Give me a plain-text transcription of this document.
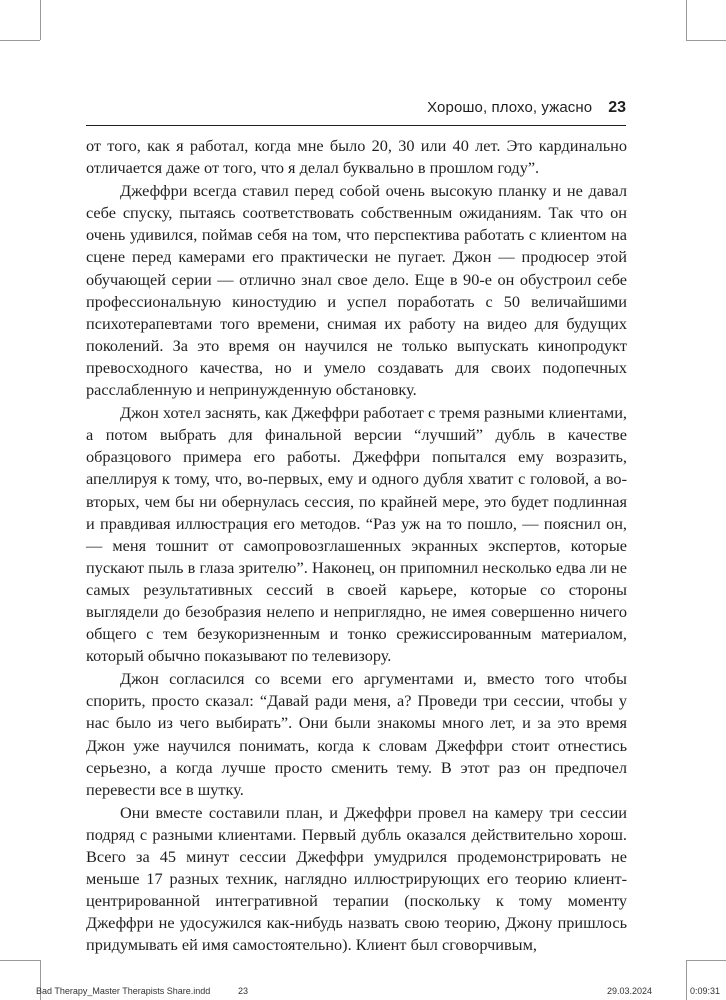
Хорошо, плохо, ужасно 23

от того, как я работал, когда мне было 20, 30 или 40 лет. Это кардинально отличается даже от того, что я делал буквально в прошлом году”.

Джеффри всегда ставил перед собой очень высокую планку и не давал себе спуску, пытаясь соответствовать собственным ожиданиям. Так что он очень удивился, поймав себя на том, что перспектива работать с клиентом на сцене перед камерами его практически не пугает. Джон — продюсер этой обучающей серии — отлично знал свое дело. Еще в 90-е он обустроил себе профессиональную киностудию и успел поработать с 50 величайшими психотерапевтами того времени, снимая их работу на видео для будущих поколений. За это время он научился не только выпускать кинопродукт превосходного качества, но и умело создавать для своих подопечных расслабленную и непринужденную обстановку.

Джон хотел заснять, как Джеффри работает с тремя разными клиентами, а потом выбрать для финальной версии “лучший” дубль в качестве образцового примера его работы. Джеффри попытался ему возразить, апеллируя к тому, что, во-первых, ему и одного дубля хватит с головой, а во-вторых, чем бы ни обернулась сессия, по крайней мере, это будет подлинная и правдивая иллюстрация его методов. “Раз уж на то пошло, — пояснил он, — меня тошнит от самопровозглашенных экранных экспертов, которые пускают пыль в глаза зрителю”. Наконец, он припомнил несколько едва ли не самых результативных сессий в своей карьере, которые со стороны выглядели до безобразия нелепо и неприглядно, не имея совершенно ничего общего с тем безукоризненным и тонко срежиссированным материалом, который обычно показывают по телевизору.

Джон согласился со всеми его аргументами и, вместо того чтобы спорить, просто сказал: “Давай ради меня, а? Проведи три сессии, чтобы у нас было из чего выбирать”. Они были знакомы много лет, и за это время Джон уже научился понимать, когда к словам Джеффри стоит отнестись серьезно, а когда лучше просто сменить тему. В этот раз он предпочел перевести все в шутку.

Они вместе составили план, и Джеффри провел на камеру три сессии подряд с разными клиентами. Первый дубль оказался действительно хорош. Всего за 45 минут сессии Джеффри умудрился продемонстрировать не меньше 17 разных техник, наглядно иллюстрирующих его теорию клиент-центрированной интегративной терапии (поскольку к тому моменту Джеффри не удосужился как-нибудь назвать свою теорию, Джону пришлось придумывать ей имя самостоятельно). Клиент был сговорчивым,

Bad Therapy_Master Therapists Share.indd	23	29.03.2024	0:09:31
